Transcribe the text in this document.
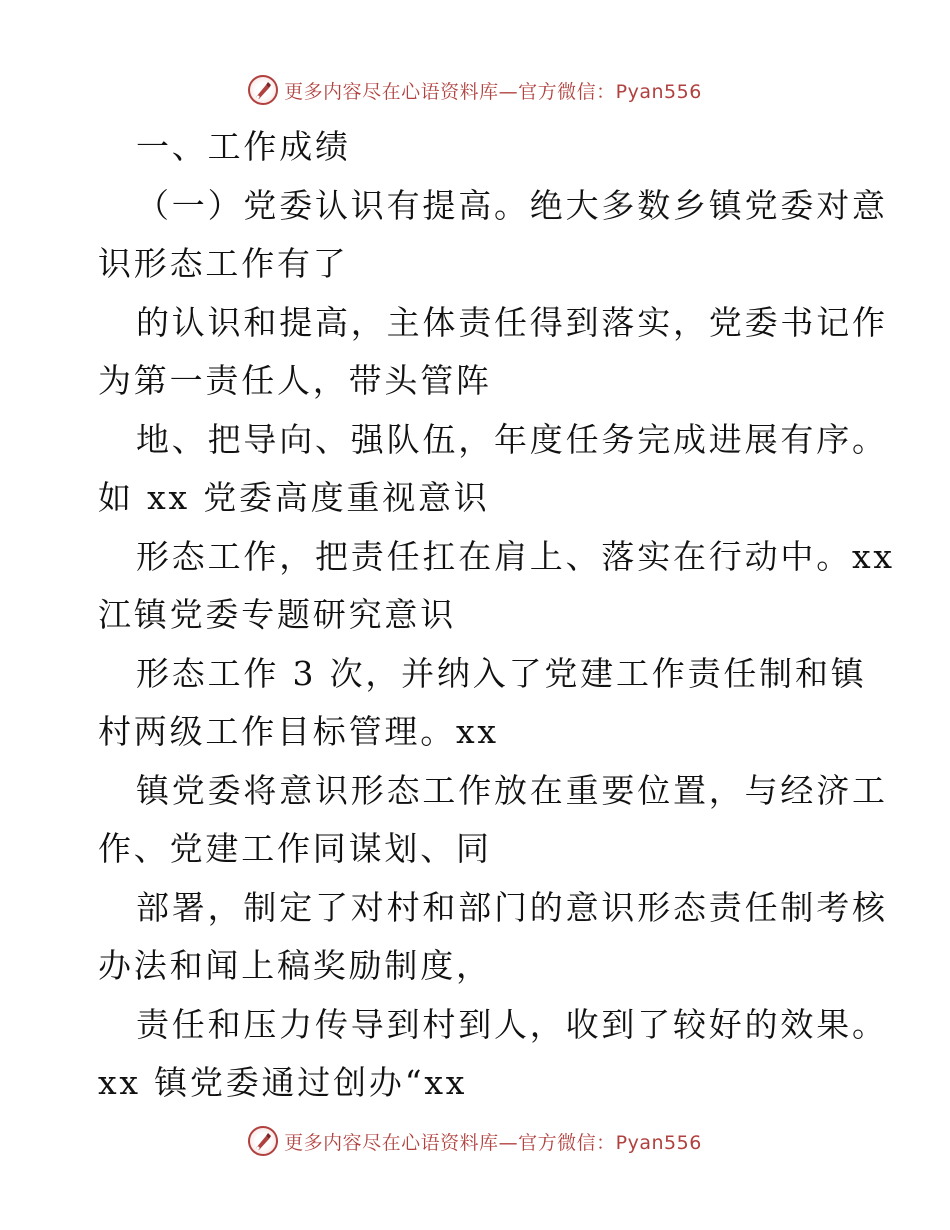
更多内容尽在心语资料库—官方微信：Pyan556
一、工作成绩
（一）党委认识有提高。绝大多数乡镇党委对意
识形态工作有了
的认识和提高，主体责任得到落实，党委书记作
为第一责任人，带头管阵
地、把导向、强队伍，年度任务完成进展有序。
如 xx 党委高度重视意识
形态工作，把责任扛在肩上、落实在行动中。xx
江镇党委专题研究意识
形态工作 3 次，并纳入了党建工作责任制和镇
村两级工作目标管理。xx
镇党委将意识形态工作放在重要位置，与经济工
作、党建工作同谋划、同
部署，制定了对村和部门的意识形态责任制考核
办法和闻上稿奖励制度，
责任和压力传导到村到人，收到了较好的效果。
xx 镇党委通过创办“xx
更多内容尽在心语资料库—官方微信：Pyan556
